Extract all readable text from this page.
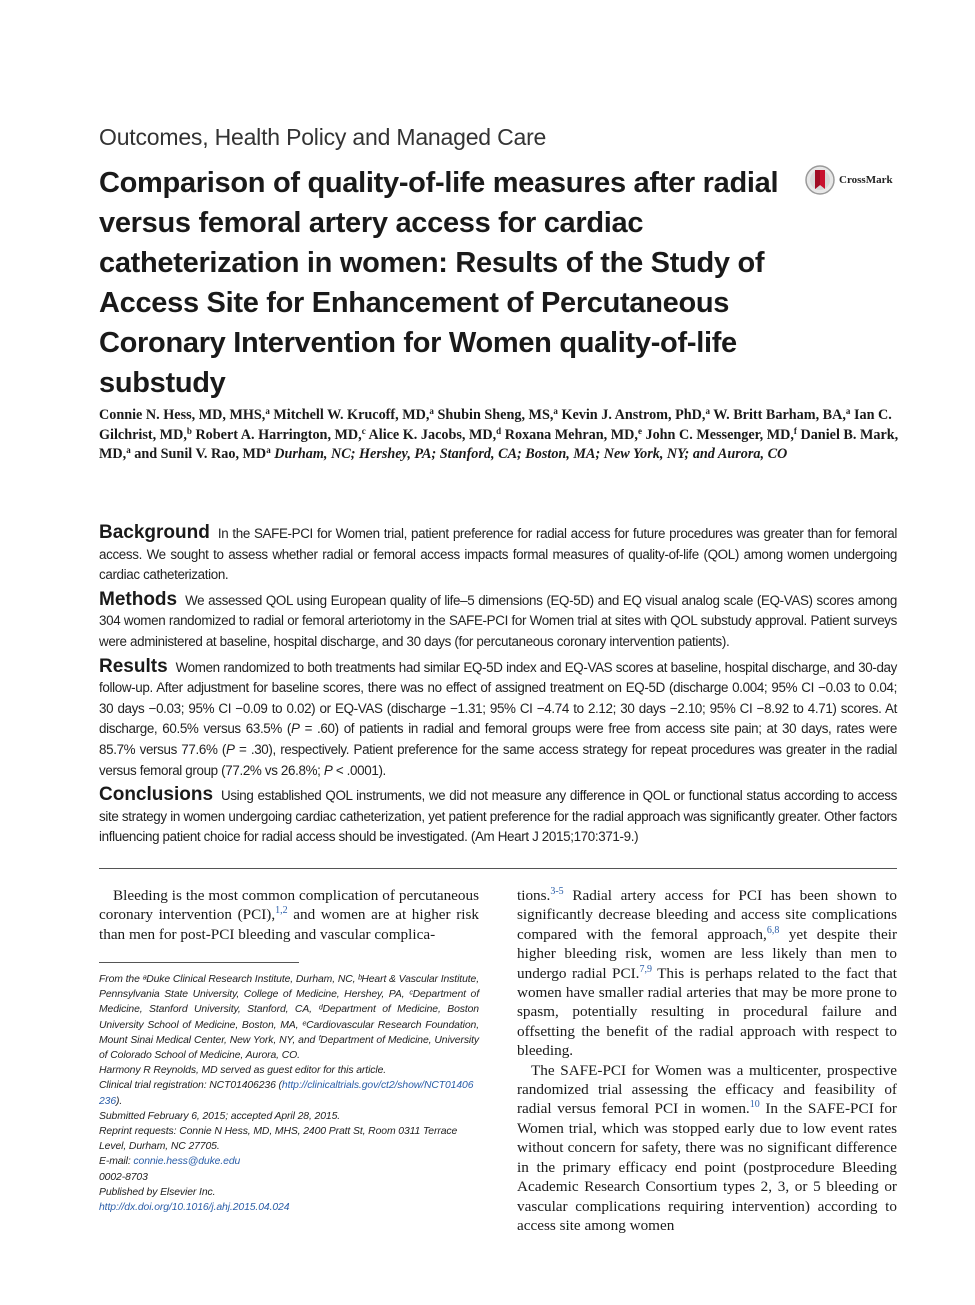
Outcomes, Health Policy and Managed Care
Comparison of quality-of-life measures after radial versus femoral artery access for cardiac catheterization in women: Results of the Study of Access Site for Enhancement of Percutaneous Coronary Intervention for Women quality-of-life substudy
CrossMark
Connie N. Hess, MD, MHS,$^a$ Mitchell W. Krucoff, MD,$^a$ Shubin Sheng, MS,$^a$ Kevin J. Anstrom, PhD,$^a$ W. Britt Barham, BA,$^a$ Ian C. Gilchrist, MD,$^b$ Robert A. Harrington, MD,$^c$ Alice K. Jacobs, MD,$^d$ Roxana Mehran, MD,$^e$ John C. Messenger, MD,$^f$ Daniel B. Mark, MD,$^a$ and Sunil V. Rao, $MD^a$ Durham, NC; Hershey, PA; Stanford, CA; Boston, MA; New York, NY; and Aurora, CO

Background In the SAFE-PCI for Women trial, patient preference for radial access for future procedures was greater than for femoral access. We sought to assess whether radial or femoral access impacts formal measures of quality-of-life (QOL) among women undergoing cardiac catheterization.

Methods We assessed QOL using European quality of life–5 dimensions (EQ-5D) and EQ visual analog scale (EQ-VAS) scores among 304 women randomized to radial or femoral arteriotomy in the SAFE-PCI for Women trial at sites with QOL substudy approval. Patient surveys were administered at baseline, hospital discharge, and 30 days (for percutaneous coronary intervention patients).

Results Women randomized to both treatments had similar EQ-5D index and EQ-VAS scores at baseline, hospital discharge, and 30-day follow-up. After adjustment for baseline scores, there was no effect of assigned treatment on EQ-5D (discharge 0.004; 95% CI −0.03 to 0.04; 30 days −0.03; 95% CI −0.09 to 0.02) or EQ-VAS (discharge −1.31; 95% CI −4.74 to 2.12; 30 days −2.10; 95% CI −8.92 to 4.71) scores. At discharge, 60.5% versus 63.5% (P = .60) of patients in radial and femoral groups were free from access site pain; at 30 days, rates were 85.7% versus 77.6% (P = .30), respectively. Patient preference for the same access strategy for repeat procedures was greater in the radial versus femoral group (77.2% vs 26.8%; P < .0001).

Conclusions Using established QOL instruments, we did not measure any difference in QOL or functional status according to access site strategy in women undergoing cardiac catheterization, yet patient preference for the radial approach was significantly greater. Other factors influencing patient choice for radial access should be investigated. (Am Heart J 2015;170:371-9.)

Bleeding is the most common complication of percutaneous coronary intervention (PCI),$^{1,2}$ and women are at higher risk than men for post-PCI bleeding and vascular complica-

From the ᵃDuke Clinical Research Institute, Durham, NC, ᵇHeart & Vascular Institute, Pennsylvania State University, College of Medicine, Hershey, PA, ᶜDepartment of Medicine, Stanford University, Stanford, CA, ᵈDepartment of Medicine, Boston University School of Medicine, Boston, MA, ᵉCardiovascular Research Foundation, Mount Sinai Medical Center, New York, NY, and ᶠDepartment of Medicine, University of Colorado School of Medicine, Aurora, CO.
Harmony R Reynolds, MD served as guest editor for this article.
Clinical trial registration: NCT01406236 (http://clinicaltrials.gov/ct2/show/NCT01406236).
Submitted February 6, 2015; accepted April 28, 2015.
Reprint requests: Connie N Hess, MD, MHS, 2400 Pratt St, Room 0311 Terrace Level, Durham, NC 27705.
E-mail: connie.hess@duke.edu
0002-8703
Published by Elsevier Inc.
http://dx.doi.org/10.1016/j.ahj.2015.04.024

tions.$^{3-5}$ Radial artery access for PCI has been shown to significantly decrease bleeding and access site complications compared with the femoral approach,$^{6,8}$ yet despite their higher bleeding risk, women are less likely than men to undergo radial PCI.$^{7,9}$ This is perhaps related to the fact that women have smaller radial arteries that may be more prone to spasm, potentially resulting in procedural failure and offsetting the benefit of the radial approach with respect to bleeding.

The SAFE-PCI for Women was a multicenter, prospective randomized trial assessing the efficacy and feasibility of radial versus femoral PCI in women.$^{10}$ In the SAFE-PCI for Women trial, which was stopped early due to low event rates without concern for safety, there was no significant difference in the primary efficacy end point (postprocedure Bleeding Academic Research Consortium types 2, 3, or 5 bleeding or vascular complications requiring intervention) according to access site among women
